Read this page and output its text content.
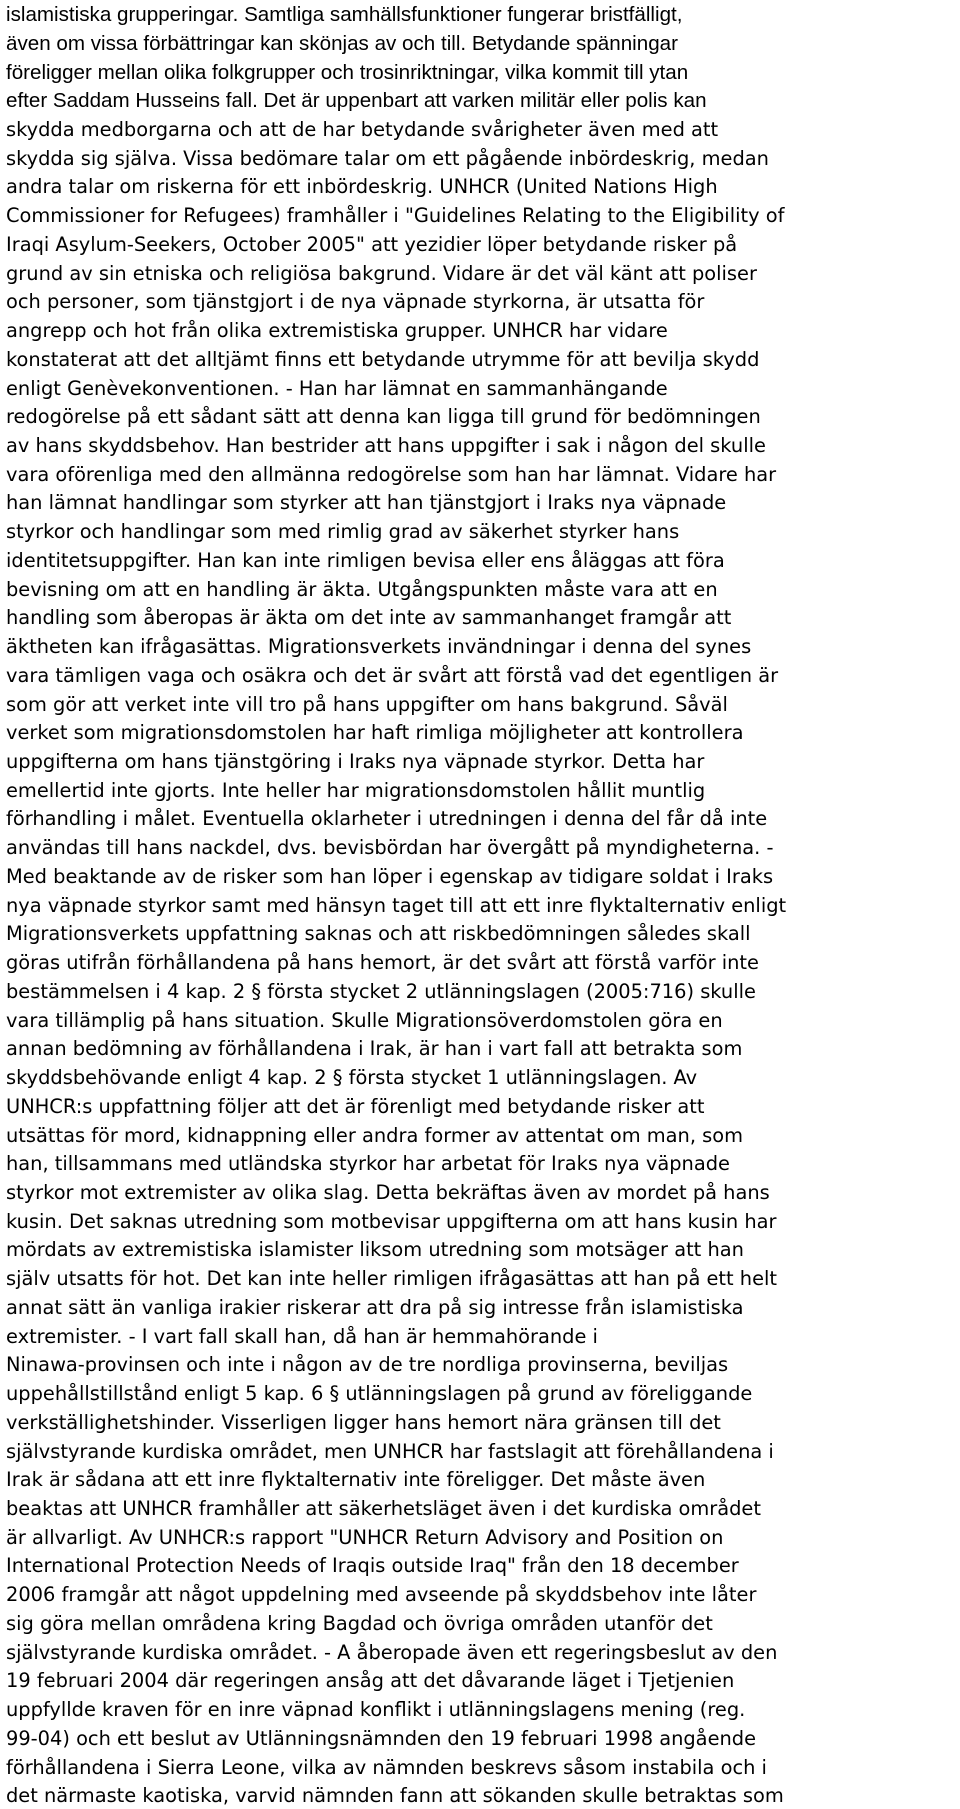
islamistiska grupperingar. Samtliga samhällsfunktioner fungerar bristfälligt,
även om vissa förbättringar kan skönjas av och till. Betydande spänningar
föreligger mellan olika folkgrupper och trosinriktningar, vilka kommit till ytan
efter Saddam Husseins fall. Det är uppenbart att varken militär eller polis kan
skydda medborgarna och att de har betydande svårigheter även med att
skydda sig själva. Vissa bedömare talar om ett pågående inbördeskrig, medan
andra talar om riskerna för ett inbördeskrig. UNHCR (United Nations High
Commissioner for Refugees) framhåller i "Guidelines Relating to the Eligibility of
Iraqi Asylum-Seekers, October 2005" att yezidier löper betydande risker på
grund av sin etniska och religiösa bakgrund. Vidare är det väl känt att poliser
och personer, som tjänstgjort i de nya väpnade styrkorna, är utsatta för
angrepp och hot från olika extremistiska grupper. UNHCR har vidare
konstaterat att det alltjämt finns ett betydande utrymme för att bevilja skydd
enligt Genèvekonventionen. - Han har lämnat en sammanhängande
redogörelse på ett sådant sätt att denna kan ligga till grund för bedömningen
av hans skyddsbehov. Han bestrider att hans uppgifter i sak i någon del skulle
vara oförenliga med den allmänna redogörelse som han har lämnat. Vidare har
han lämnat handlingar som styrker att han tjänstgjort i Iraks nya väpnade
styrkor och handlingar som med rimlig grad av säkerhet styrker hans
identitetsuppgifter. Han kan inte rimligen bevisa eller ens åläggas att föra
bevisning om att en handling är äkta. Utgångspunkten måste vara att en
handling som åberopas är äkta om det inte av sammanhanget framgår att
äktheten kan ifrågasättas. Migrationsverkets invändningar i denna del synes
vara tämligen vaga och osäkra och det är svårt att förstå vad det egentligen är
som gör att verket inte vill tro på hans uppgifter om hans bakgrund. Såväl
verket som migrationsdomstolen har haft rimliga möjligheter att kontrollera
uppgifterna om hans tjänstgöring i Iraks nya väpnade styrkor. Detta har
emellertid inte gjorts. Inte heller har migrationsdomstolen hållit muntlig
förhandling i målet. Eventuella oklarheter i utredningen i denna del får då inte
användas till hans nackdel, dvs. bevisbördan har övergått på myndigheterna. -
Med beaktande av de risker som han löper i egenskap av tidigare soldat i Iraks
nya väpnade styrkor samt med hänsyn taget till att ett inre flyktalternativ enligt
Migrationsverkets uppfattning saknas och att riskbedömningen således skall
göras utifrån förhållandena på hans hemort, är det svårt att förstå varför inte
bestämmelsen i 4 kap. 2 § första stycket 2 utlänningslagen (2005:716) skulle
vara tillämplig på hans situation. Skulle Migrationsöverdomstolen göra en
annan bedömning av förhållandena i Irak, är han i vart fall att betrakta som
skyddsbehövande enligt 4 kap. 2 § första stycket 1 utlänningslagen. Av
UNHCR:s uppfattning följer att det är förenligt med betydande risker att
utsättas för mord, kidnappning eller andra former av attentat om man, som
han, tillsammans med utländska styrkor har arbetat för Iraks nya väpnade
styrkor mot extremister av olika slag. Detta bekräftas även av mordet på hans
kusin. Det saknas utredning som motbevisar uppgifterna om att hans kusin har
mördats av extremistiska islamister liksom utredning som motsäger att han
själv utsatts för hot. Det kan inte heller rimligen ifrågasättas att han på ett helt
annat sätt än vanliga irakier riskerar att dra på sig intresse från islamistiska
extremister. - I vart fall skall han, då han är hemmahörande i
Ninawa-provinsen och inte i någon av de tre nordliga provinserna, beviljas
uppehållstillstånd enligt 5 kap. 6 § utlänningslagen på grund av föreliggande
verkställighetshinder. Visserligen ligger hans hemort nära gränsen till det
självstyrande kurdiska området, men UNHCR har fastslagit att förehållandena i
Irak är sådana att ett inre flyktalternativ inte föreligger. Det måste även
beaktas att UNHCR framhåller att säkerhetsläget även i det kurdiska området
är allvarligt. Av UNHCR:s rapport "UNHCR Return Advisory and Position on
International Protection Needs of Iraqis outside Iraq" från den 18 december
2006 framgår att något uppdelning med avseende på skyddsbehov inte låter
sig göra mellan områdena kring Bagdad och övriga områden utanför det
självstyrande kurdiska området. - A åberopade även ett regeringsbeslut av den
19 februari 2004 där regeringen ansåg att det dåvarande läget i Tjetjenien
uppfyllde kraven för en inre väpnad konflikt i utlänningslagens mening (reg.
99-04) och ett beslut av Utlänningsnämnden den 19 februari 1998 angående
förhållandena i Sierra Leone, vilka av nämnden beskrevs såsom instabila och i
det närmaste kaotiska, varvid nämnden fann att sökanden skulle betraktas som
